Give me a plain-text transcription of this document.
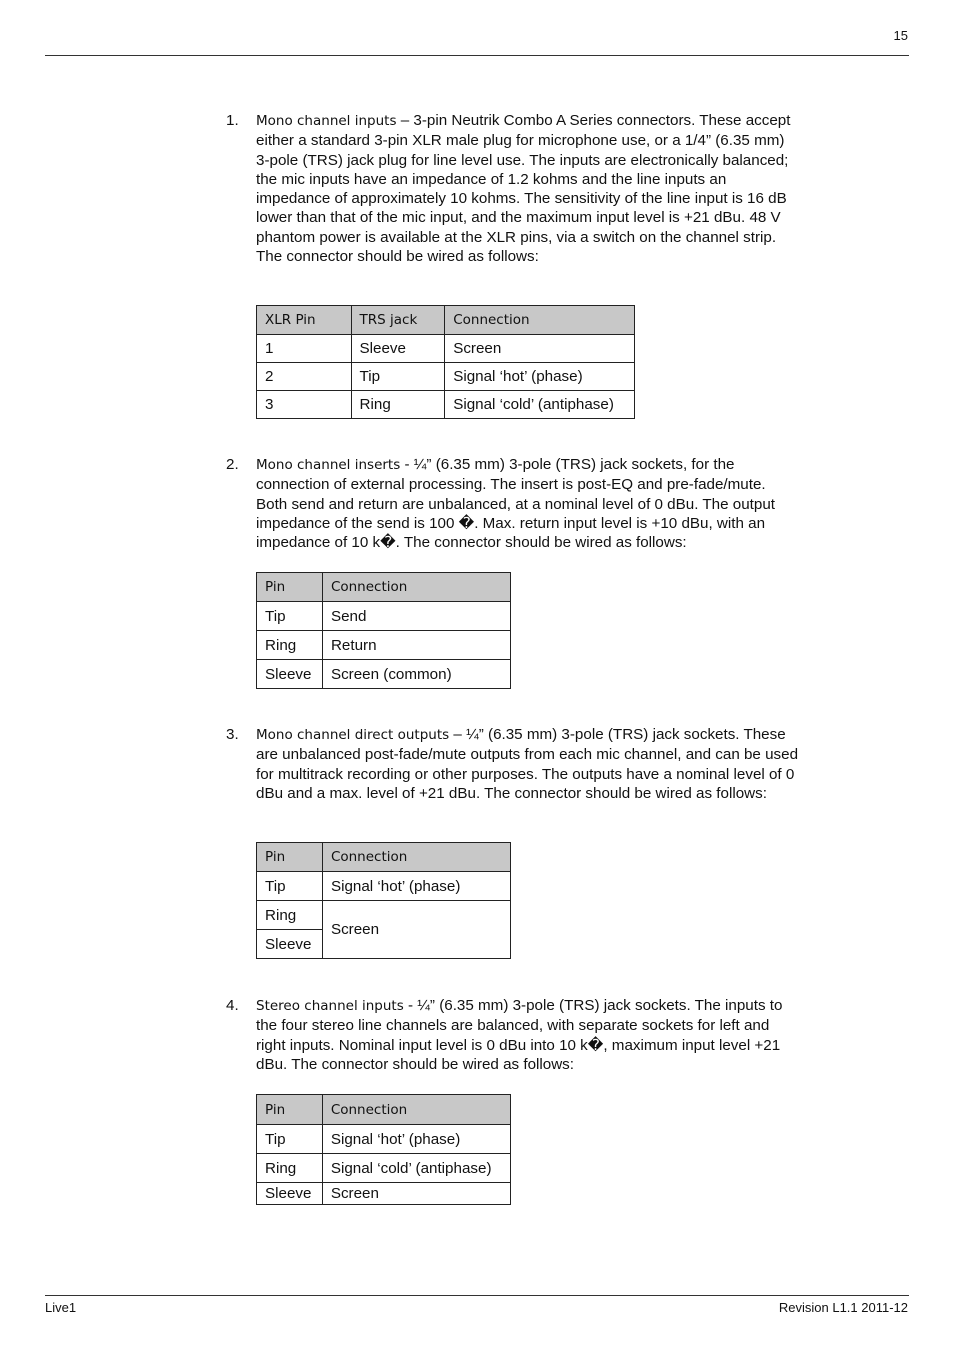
15
1. Mono channel inputs – 3-pin Neutrik Combo A Series connectors. These accept either a standard 3-pin XLR male plug for microphone use, or a 1/4” (6.35 mm) 3-pole (TRS) jack plug for line level use. The inputs are electronically balanced; the mic inputs have an impedance of 1.2 kohms and the line inputs an impedance of approximately 10 kohms. The sensitivity of the line input is 16 dB lower than that of the mic input, and the maximum input level is +21 dBu. 48 V phantom power is available at the XLR pins, via a switch on the channel strip. The connector should be wired as follows:
XLR Pin	TRS jack	Connection
1	Sleeve	Screen
2	Tip	Signal ‘hot’ (phase)
3	Ring	Signal ‘cold’ (antiphase)
2. Mono channel inserts - ¼” (6.35 mm) 3-pole (TRS) jack sockets, for the connection of external processing. The insert is post-EQ and pre-fade/mute. Both send and return are unbalanced, at a nominal level of 0 dBu. The output impedance of the send is 100 �. Max. return input level is +10 dBu, with an impedance of 10 k�. The connector should be wired as follows:
Pin	Connection
Tip	Send
Ring	Return
Sleeve	Screen (common)
3. Mono channel direct outputs – ¼” (6.35 mm) 3-pole (TRS) jack sockets. These are unbalanced post-fade/mute outputs from each mic channel, and can be used for multitrack recording or other purposes. The outputs have a nominal level of 0 dBu and a max. level of +21 dBu. The connector should be wired as follows:
Pin	Connection
Tip	Signal ‘hot’ (phase)
Ring	Screen
Sleeve	
4. Stereo channel inputs - ¼” (6.35 mm) 3-pole (TRS) jack sockets. The inputs to the four stereo line channels are balanced, with separate sockets for left and right inputs. Nominal input level is 0 dBu into 10 k�, maximum input level +21 dBu. The connector should be wired as follows:
Pin	Connection
Tip	Signal ‘hot’ (phase)
Ring	Signal ‘cold’ (antiphase)
Sleeve	Screen
Live1	Revision L1.1 2011-12
